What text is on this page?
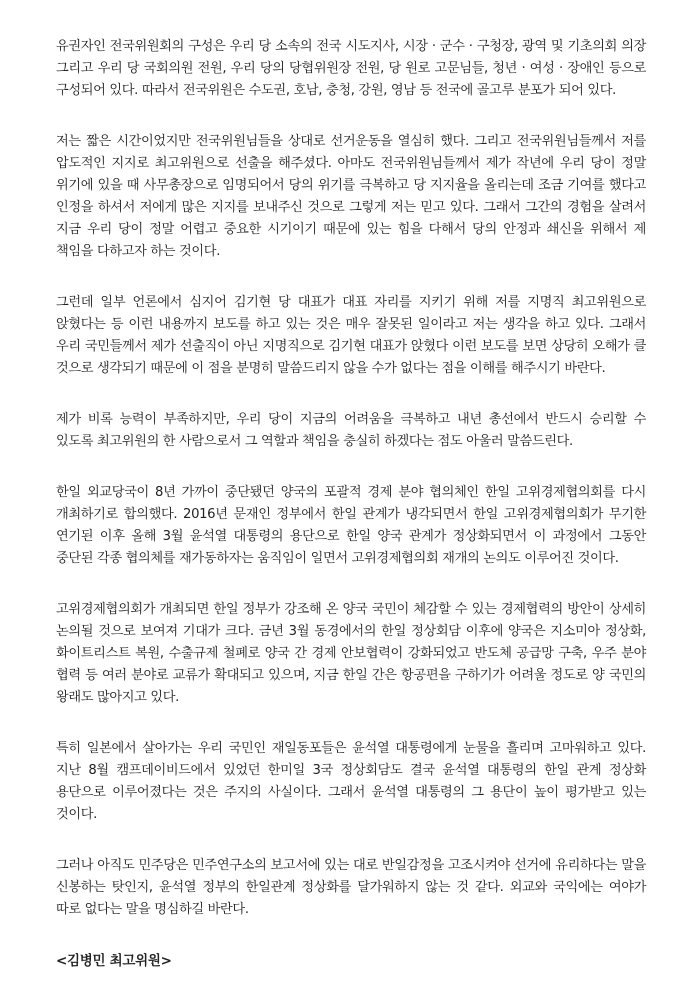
유권자인 전국위원회의 구성은 우리 당 소속의 전국 시도지사, 시장 · 군수 · 구청장, 광역 및 기초의회 의장 그리고 우리 당 국회의원 전원, 우리 당의 당협위원장 전원, 당 원로 고문님들, 청년 · 여성 · 장애인 등으로 구성되어 있다. 따라서 전국위원은 수도권, 호남, 충청, 강원, 영남 등 전국에 골고루 분포가 되어 있다.

저는 짧은 시간이었지만 전국위원님들을 상대로 선거운동을 열심히 했다. 그리고 전국위원님들께서 저를 압도적인 지지로 최고위원으로 선출을 해주셨다. 아마도 전국위원님들께서 제가 작년에 우리 당이 정말 위기에 있을 때 사무총장으로 임명되어서 당의 위기를 극복하고 당 지지율을 올리는데 조금 기여를 했다고 인정을 하셔서 저에게 많은 지지를 보내주신 것으로 그렇게 저는 믿고 있다. 그래서 그간의 경험을 살려서 지금 우리 당이 정말 어렵고 중요한 시기이기 때문에 있는 힘을 다해서 당의 안정과 쇄신을 위해서 제 책임을 다하고자 하는 것이다.

그런데 일부 언론에서 심지어 김기현 당 대표가 대표 자리를 지키기 위해 저를 지명직 최고위원으로 앉혔다는 등 이런 내용까지 보도를 하고 있는 것은 매우 잘못된 일이라고 저는 생각을 하고 있다. 그래서 우리 국민들께서 제가 선출직이 아닌 지명직으로 김기현 대표가 앉혔다 이런 보도를 보면 상당히 오해가 클 것으로 생각되기 때문에 이 점을 분명히 말씀드리지 않을 수가 없다는 점을 이해를 해주시기 바란다.

제가 비록 능력이 부족하지만, 우리 당이 지금의 어려움을 극복하고 내년 총선에서 반드시 승리할 수 있도록 최고위원의 한 사람으로서 그 역할과 책임을 충실히 하겠다는 점도 아울러 말씀드린다.

한일 외교당국이 8년 가까이 중단됐던 양국의 포괄적 경제 분야 협의체인 한일 고위경제협의회를 다시 개최하기로 합의했다. 2016년 문재인 정부에서 한일 관계가 냉각되면서 한일 고위경제협의회가 무기한 연기된 이후 올해 3월 윤석열 대통령의 용단으로 한일 양국 관계가 정상화되면서 이 과정에서 그동안 중단된 각종 협의체를 재가동하자는 움직임이 일면서 고위경제협의회 재개의 논의도 이루어진 것이다.

고위경제협의회가 개최되면 한일 정부가 강조해 온 양국 국민이 체감할 수 있는 경제협력의 방안이 상세히 논의될 것으로 보여져 기대가 크다. 금년 3월 동경에서의 한일 정상회담 이후에 양국은 지소미아 정상화, 화이트리스트 복원, 수출규제 철폐로 양국 간 경제 안보협력이 강화되었고 반도체 공급망 구축, 우주 분야 협력 등 여러 분야로 교류가 확대되고 있으며, 지금 한일 간은 항공편을 구하기가 어려울 정도로 양 국민의 왕래도 많아지고 있다.

특히 일본에서 살아가는 우리 국민인 재일동포들은 윤석열 대통령에게 눈물을 흘리며 고마워하고 있다. 지난 8월 캠프데이비드에서 있었던 한미일 3국 정상회담도 결국 윤석열 대통령의 한일 관계 정상화 용단으로 이루어졌다는 것은 주지의 사실이다. 그래서 윤석열 대통령의 그 용단이 높이 평가받고 있는 것이다.

그러나 아직도 민주당은 민주연구소의 보고서에 있는 대로 반일감정을 고조시켜야 선거에 유리하다는 말을 신봉하는 탓인지, 윤석열 정부의 한일관계 정상화를 달가워하지 않는 것 같다. 외교와 국익에는 여야가 따로 없다는 말을 명심하길 바란다.

<김병민 최고위원>
